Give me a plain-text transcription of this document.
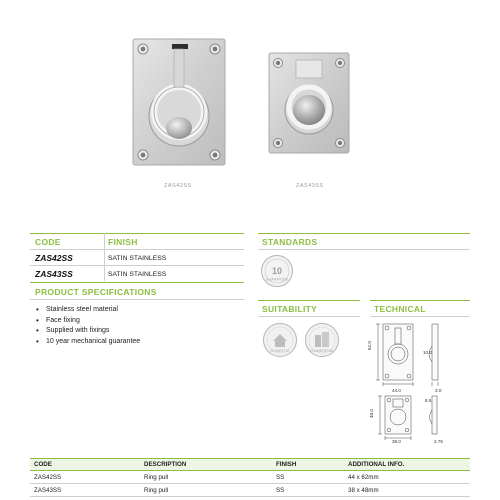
ZAS42SS	ZAS43SS
CODE	FINISH
ZAS42SS	SATIN STAINLESS
ZAS43SS	SATIN STAINLESS
PRODUCT SPECIFICATIONS
• Stainless steel material
• Face fixing
• Supplied with fixings
• 10 year mechanical guarantee
STANDARDS
10
GUARANTEE
SUITABILITY
DOMESTIC	COMMERCIAL
TECHNICAL
62.0
44.0
10.0
3.0
48.0
38.0
8.5
2.75
CODE	DESCRIPTION	FINISH	ADDITIONAL INFO.
ZAS42SS	Ring pull	SS	44 x 62mm
ZAS43SS	Ring pull	SS	38 x 48mm
